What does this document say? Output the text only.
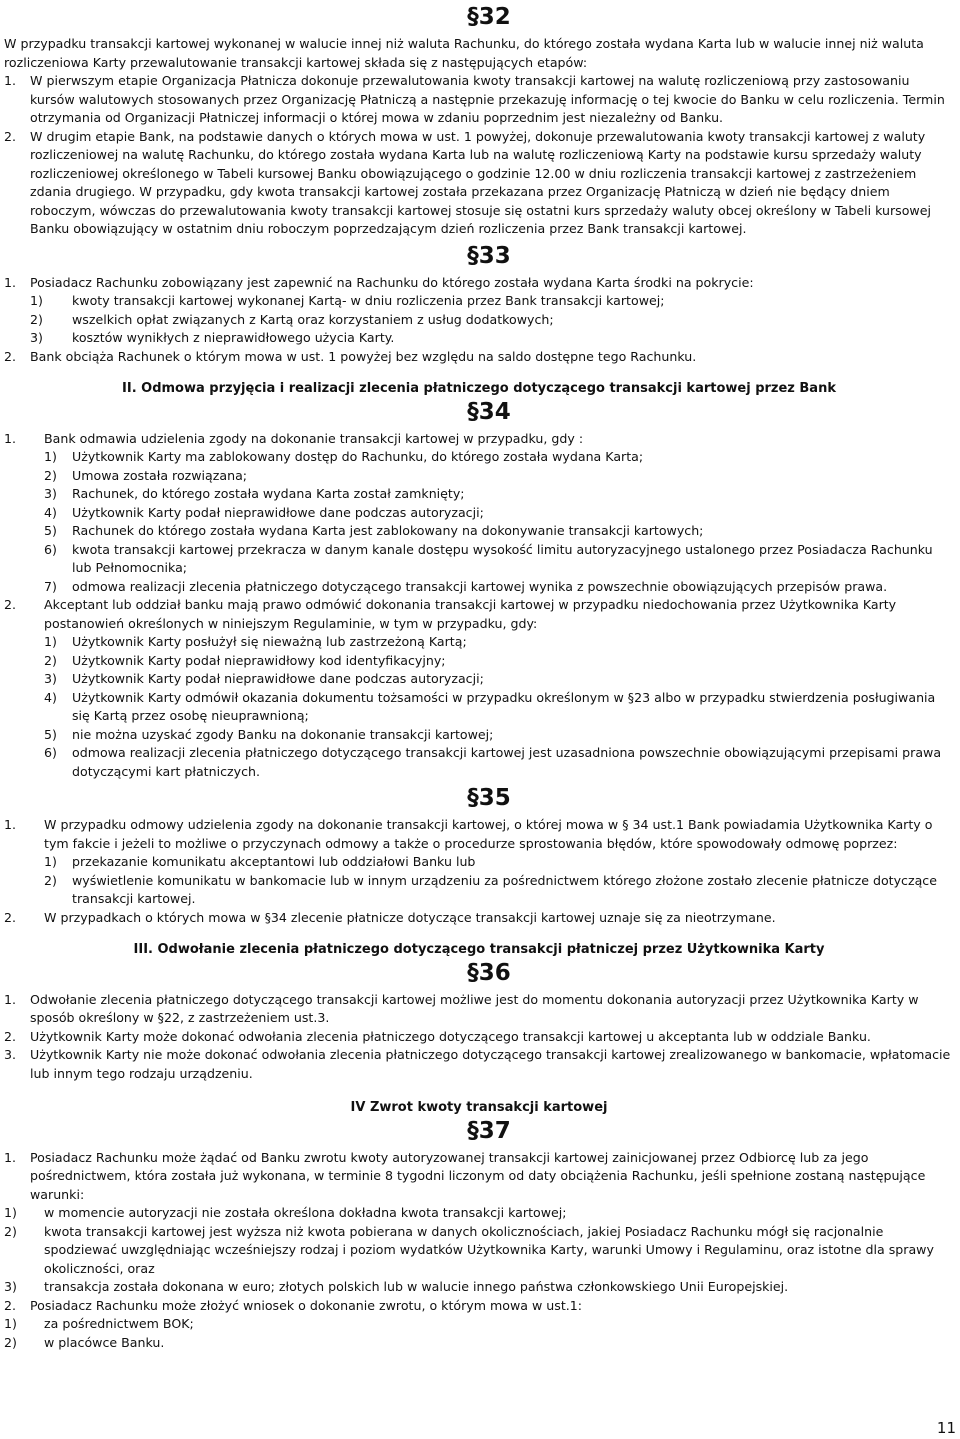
§32

W przypadku transakcji kartowej wykonanej w walucie innej niż waluta Rachunku, do którego została wydana Karta lub w walucie innej niż waluta rozliczeniowa Karty przewalutowanie transakcji kartowej składa się z następujących etapów:

1.	W pierwszym etapie Organizacja Płatnicza dokonuje przewalutowania kwoty transakcji kartowej na walutę rozliczeniową przy zastosowaniu kursów walutowych stosowanych przez Organizację Płatniczą a następnie przekazuję informację o tej kwocie do Banku w celu rozliczenia. Termin otrzymania od Organizacji Płatniczej informacji o której mowa w zdaniu poprzednim jest niezależny od Banku.
2.	W drugim etapie Bank, na podstawie danych o których mowa w ust. 1 powyżej, dokonuje przewalutowania kwoty transakcji kartowej z waluty rozliczeniowej na walutę Rachunku, do którego została wydana Karta lub na walutę rozliczeniową Karty na podstawie kursu sprzedaży waluty rozliczeniowej określonego w Tabeli kursowej Banku obowiązującego o godzinie 12.00 w dniu rozliczenia transakcji kartowej z zastrzeżeniem zdania drugiego. W przypadku, gdy kwota transakcji kartowej została przekazana przez Organizację Płatniczą w dzień nie będący dniem roboczym, wówczas do przewalutowania kwoty transakcji kartowej stosuje się ostatni kurs sprzedaży waluty obcej określony w Tabeli kursowej Banku obowiązujący w ostatnim dniu roboczym poprzedzającym dzień rozliczenia przez Bank transakcji kartowej.
§33
1.	Posiadacz Rachunku zobowiązany jest zapewnić na Rachunku do którego została wydana Karta środki na pokrycie:
1)	kwoty transakcji kartowej wykonanej Kartą- w dniu rozliczenia przez Bank transakcji kartowej;
2)	wszelkich opłat związanych z Kartą oraz korzystaniem z usług dodatkowych;
3)	kosztów wynikłych z nieprawidłowego użycia Karty.
2.	Bank obciąża Rachunek o którym mowa w ust. 1 powyżej bez względu na saldo dostępne tego Rachunku.
II. Odmowa przyjęcia i realizacji zlecenia płatniczego dotyczącego transakcji kartowej przez Bank
§34
1.	Bank odmawia udzielenia zgody na dokonanie transakcji kartowej w przypadku, gdy :
1)	Użytkownik Karty ma zablokowany dostęp do Rachunku, do którego została wydana Karta;
2)	Umowa została rozwiązana;
3)	Rachunek, do którego została wydana Karta został zamknięty;
4)	Użytkownik Karty podał nieprawidłowe dane podczas autoryzacji;
5)	Rachunek do którego została wydana Karta jest zablokowany na dokonywanie transakcji kartowych;
6)	kwota transakcji kartowej przekracza w danym kanale dostępu wysokość limitu autoryzacyjnego ustalonego przez Posiadacza Rachunku lub Pełnomocnika;
7)	odmowa realizacji zlecenia płatniczego dotyczącego transakcji kartowej wynika z powszechnie obowiązujących przepisów prawa.
2.	Akceptant lub oddział banku mają prawo odmówić dokonania transakcji kartowej w przypadku niedochowania przez Użytkownika Karty postanowień określonych w niniejszym Regulaminie, w tym w przypadku, gdy:
1)	Użytkownik Karty posłużył się nieważną lub zastrzeżoną Kartą;
2)	Użytkownik Karty podał nieprawidłowy kod identyfikacyjny;
3)	Użytkownik Karty podał nieprawidłowe dane podczas autoryzacji;
4)	Użytkownik Karty odmówił okazania dokumentu tożsamości w przypadku określonym w §23 albo w przypadku stwierdzenia posługiwania się Kartą przez osobę nieuprawnioną;
5)	nie można uzyskać zgody Banku na dokonanie transakcji kartowej;
6)	odmowa realizacji zlecenia płatniczego dotyczącego transakcji kartowej jest uzasadniona powszechnie obowiązującymi przepisami prawa dotyczącymi kart płatniczych.
§35
1.	W przypadku odmowy udzielenia zgody na dokonanie transakcji kartowej, o której mowa w § 34 ust.1 Bank powiadamia Użytkownika Karty o tym fakcie i jeżeli to możliwe o przyczynach odmowy a także o procedurze sprostowania błędów, które spowodowały odmowę poprzez:
1)	przekazanie komunikatu akceptantowi lub oddziałowi Banku lub
2)	wyświetlenie komunikatu w bankomacie lub w innym urządzeniu za pośrednictwem którego złożone zostało zlecenie płatnicze dotyczące transakcji kartowej.
2.	W przypadkach o których mowa w §34 zlecenie płatnicze dotyczące transakcji kartowej uznaje się za nieotrzymane.
III. Odwołanie zlecenia płatniczego dotyczącego transakcji płatniczej przez Użytkownika Karty
§36
1.	Odwołanie zlecenia płatniczego dotyczącego transakcji kartowej możliwe jest do momentu dokonania autoryzacji przez Użytkownika Karty w sposób określony w §22, z zastrzeżeniem ust.3.
2.	Użytkownik Karty może dokonać odwołania zlecenia płatniczego dotyczącego transakcji kartowej u akceptanta lub w oddziale Banku.
3.	Użytkownik Karty nie może dokonać odwołania zlecenia płatniczego dotyczącego transakcji kartowej zrealizowanego w bankomacie, wpłatomacie lub innym tego rodzaju urządzeniu.
IV Zwrot kwoty transakcji kartowej
§37
1.	Posiadacz Rachunku może żądać od Banku zwrotu kwoty autoryzowanej transakcji kartowej zainicjowanej przez Odbiorcę lub za jego pośrednictwem, która została już wykonana, w terminie 8 tygodni liczonym od daty obciążenia Rachunku, jeśli spełnione zostaną następujące warunki:
1)	w momencie autoryzacji nie została określona dokładna kwota transakcji kartowej;
2)	kwota transakcji kartowej jest wyższa niż kwota pobierana w danych okolicznościach, jakiej Posiadacz Rachunku mógł się racjonalnie spodziewać uwzględniając wcześniejszy rodzaj i poziom wydatków Użytkownika Karty, warunki Umowy i Regulaminu, oraz istotne dla sprawy okoliczności, oraz
3)	transakcja została dokonana w euro; złotych polskich lub w walucie innego państwa członkowskiego Unii Europejskiej.
2.	Posiadacz Rachunku może złożyć wniosek o dokonanie zwrotu, o którym mowa w ust.1:
1)	za pośrednictwem BOK;
2)	w placówce Banku.
11
